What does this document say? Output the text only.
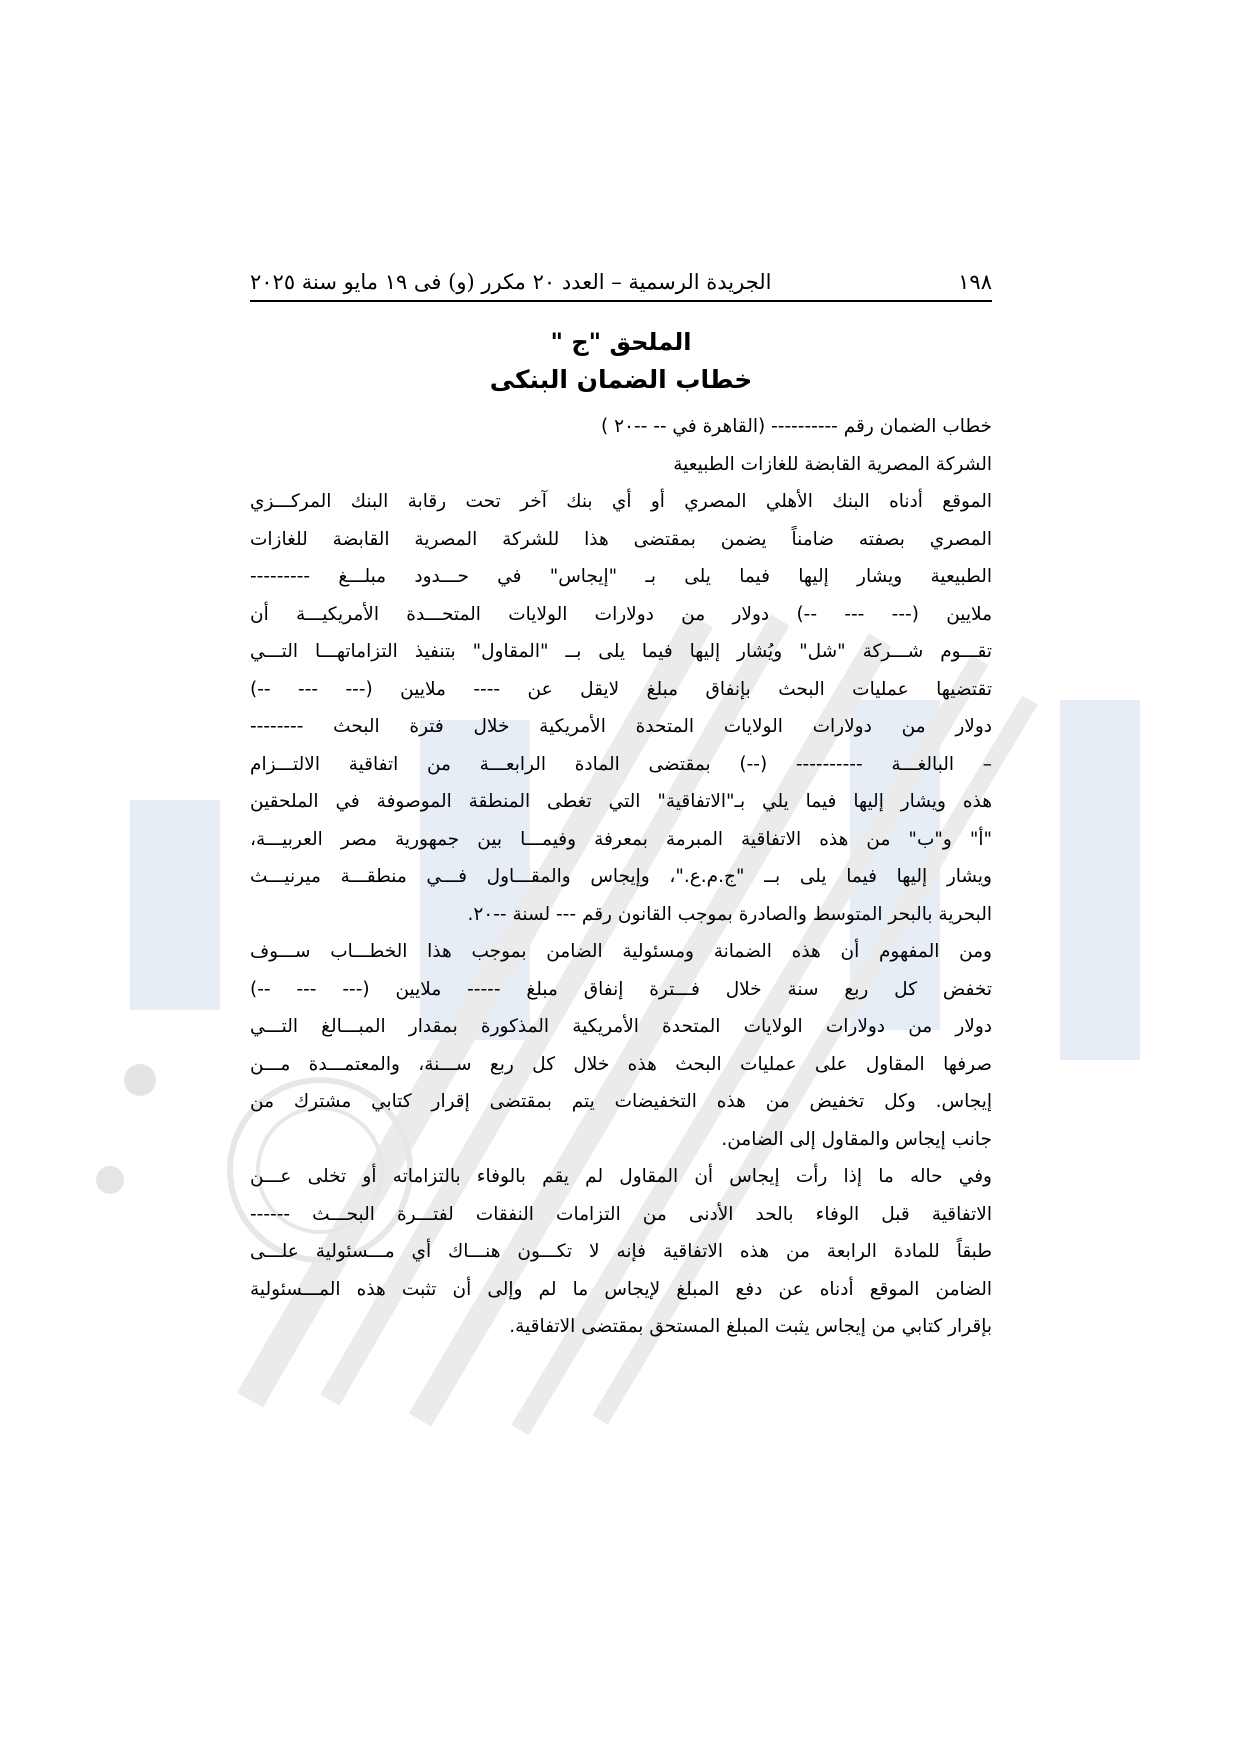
١٩٨
الجريدة الرسمية – العدد ٢٠ مكرر (و) فى ١٩ مايو سنة ٢٠٢٥
الملحق "ج "
خطاب الضمان البنكى
خطاب الضمان رقم ---------- (القاهرة في -- --٢٠ )
الشركة المصرية القابضة للغازات الطبيعية
الموقع أدناه البنك الأهلي المصري أو أي بنك آخر تحت رقابة البنك المركـــزي
المصري بصفته ضامناً يضمن بمقتضى هذا للشركة المصرية القابضة للغازات
الطبيعية ويشار إليها فيما يلى بـ "إيجاس" في حـــدود مبلـــغ ---------
ملايين (--- --- --) دولار من دولارات الولايات المتحـــدة الأمريكيـــة أن
تقـــوم شـــركة "شل" ويُشار إليها فيما يلى بــ "المقاول" بتنفيذ التزاماتهـــا التـــي
تقتضيها عمليات البحث بإنفاق مبلغ لايقل عن ---- ملايين (--- --- --)
دولار من دولارات الولايات المتحدة الأمريكية خلال فترة البحث --------
– البالغـــة ---------- (--) بمقتضى المادة الرابعـــة من اتفاقية الالتـــزام
هذه ويشار إليها فيما يلي بـ"الاتفاقية" التي تغطى المنطقة الموصوفة في الملحقين
"أ" و"ب" من هذه الاتفاقية المبرمة بمعرفة وفيمـــا بين جمهورية مصر العربيـــة،
ويشار إليها فيما يلى بــ "ج.م.ع."، وإيجاس والمقـــاول فـــي منطقـــة ميرنيـــث
البحرية بالبحر المتوسط والصادرة بموجب القانون رقم --- لسنة --٢٠.
ومن المفهوم أن هذه الضمانة ومسئولية الضامن بموجب هذا الخطـــاب ســـوف
تخفض كل ربع سنة خلال فـــترة إنفاق مبلغ ----- ملايين (--- --- --)
دولار من دولارات الولايات المتحدة الأمريكية المذكورة بمقدار المبـــالغ التـــي
صرفها المقاول على عمليات البحث هذه خلال كل ربع ســـنة، والمعتمـــدة مـــن
إيجاس. وكل تخفيض من هذه التخفيضات يتم بمقتضى إقرار كتابي مشترك من
جانب إيجاس والمقاول إلى الضامن.
وفي حاله ما إذا رأت إيجاس أن المقاول لم يقم بالوفاء بالتزاماته أو تخلى عـــن
الاتفاقية قبل الوفاء بالحد الأدنى من التزامات النفقات لفتـــرة البحـــث ------
طبقاً للمادة الرابعة من هذه الاتفاقية فإنه لا تكـــون هنـــاك أي مـــسئولية علـــى
الضامن الموقع أدناه عن دفع المبلغ لإيجاس ما لم وإلى أن تثبت هذه المـــسئولية
بإقرار كتابي من إيجاس يثبت المبلغ المستحق بمقتضى الاتفاقية.
